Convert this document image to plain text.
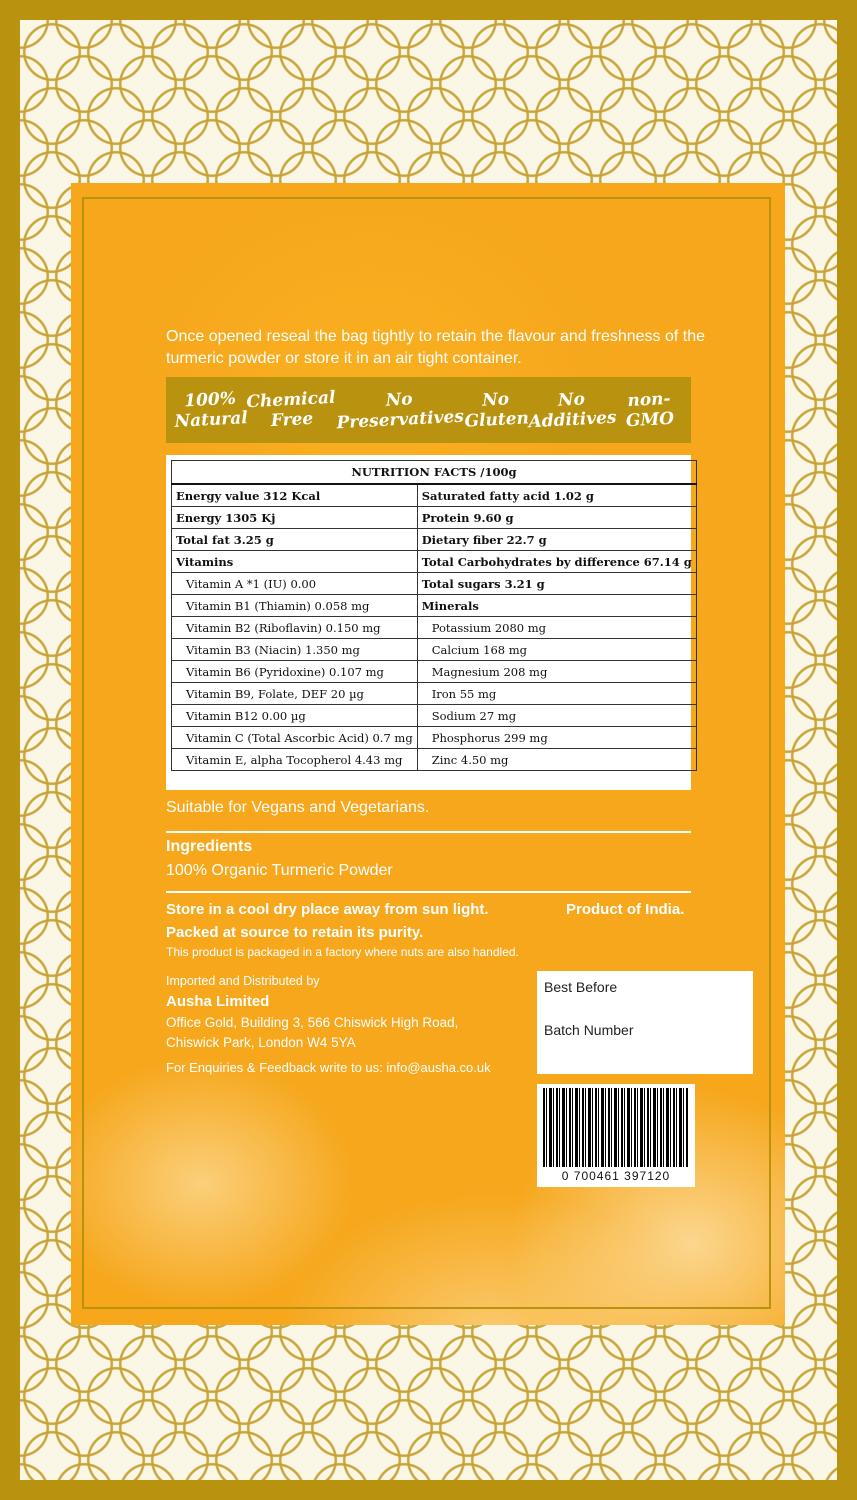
Once opened reseal the bag tightly to retain the flavour and freshness of the turmeric powder or store it in an air tight container.
100%
Natural
Chemical
Free
No
Preservatives
No
Gluten
No
Additives
non-GMO
NUTRITION FACTS /100g	
Energy value 312 Kcal	Saturated fatty acid 1.02 g
Energy 1305 Kj	Protein 9.60 g
Total fat 3.25 g	Dietary fiber 22.7 g
Vitamins	Total Carbohydrates by difference 67.14 g
Vitamin A *1 (IU) 0.00	Total sugars 3.21 g
Vitamin B1 (Thiamin) 0.058 mg	Minerals
Vitamin B2 (Riboflavin) 0.150 mg	Potassium 2080 mg
Vitamin B3 (Niacin) 1.350 mg	Calcium 168 mg
Vitamin B6 (Pyridoxine) 0.107 mg	Magnesium 208 mg
Vitamin B9, Folate, DEF 20 µg	Iron 55 mg
Vitamin B12 0.00 µg	Sodium 27 mg
Vitamin C (Total Ascorbic Acid) 0.7 mg	Phosphorus 299 mg
Vitamin E, alpha Tocopherol 4.43 mg	Zinc 4.50 mg
Suitable for Vegans and Vegetarians.
Ingredients
100% Organic Turmeric Powder
Store in a cool dry place away from sun light.	Product of India.
Packed at source to retain its purity.
This product is packaged in a factory where nuts are also handled.
Imported and Distributed by
Ausha Limited
Office Gold, Building 3, 566 Chiswick High Road,
Chiswick Park, London W4 5YA
For Enquiries & Feedback write to us: info@ausha.co.uk
Best Before
Batch Number
0 700461 397120
